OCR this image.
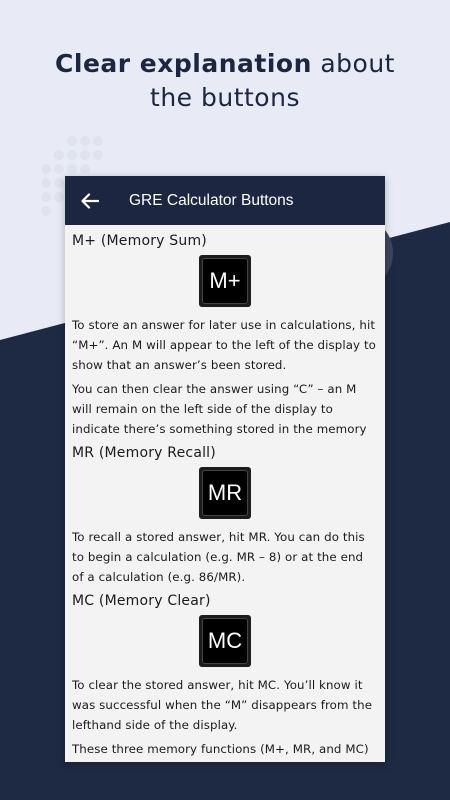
Clear explanation about
the buttons
GRE Calculator Buttons
M+ (Memory Sum)
M+
To store an answer for later use in calculations, hit “M+”. An M will appear to the left of the display to show that an answer’s been stored.
You can then clear the answer using “C” – an M will remain on the left side of the display to indicate there’s something stored in the memory
MR (Memory Recall)
MR
To recall a stored answer, hit MR. You can do this to begin a calculation (e.g. MR – 8) or at the end of a calculation (e.g. 86/MR).
MC (Memory Clear)
MC
To clear the stored answer, hit MC. You’ll know it was successful when the “M” disappears from the lefthand side of the display.
These three memory functions (M+, MR, and MC)
